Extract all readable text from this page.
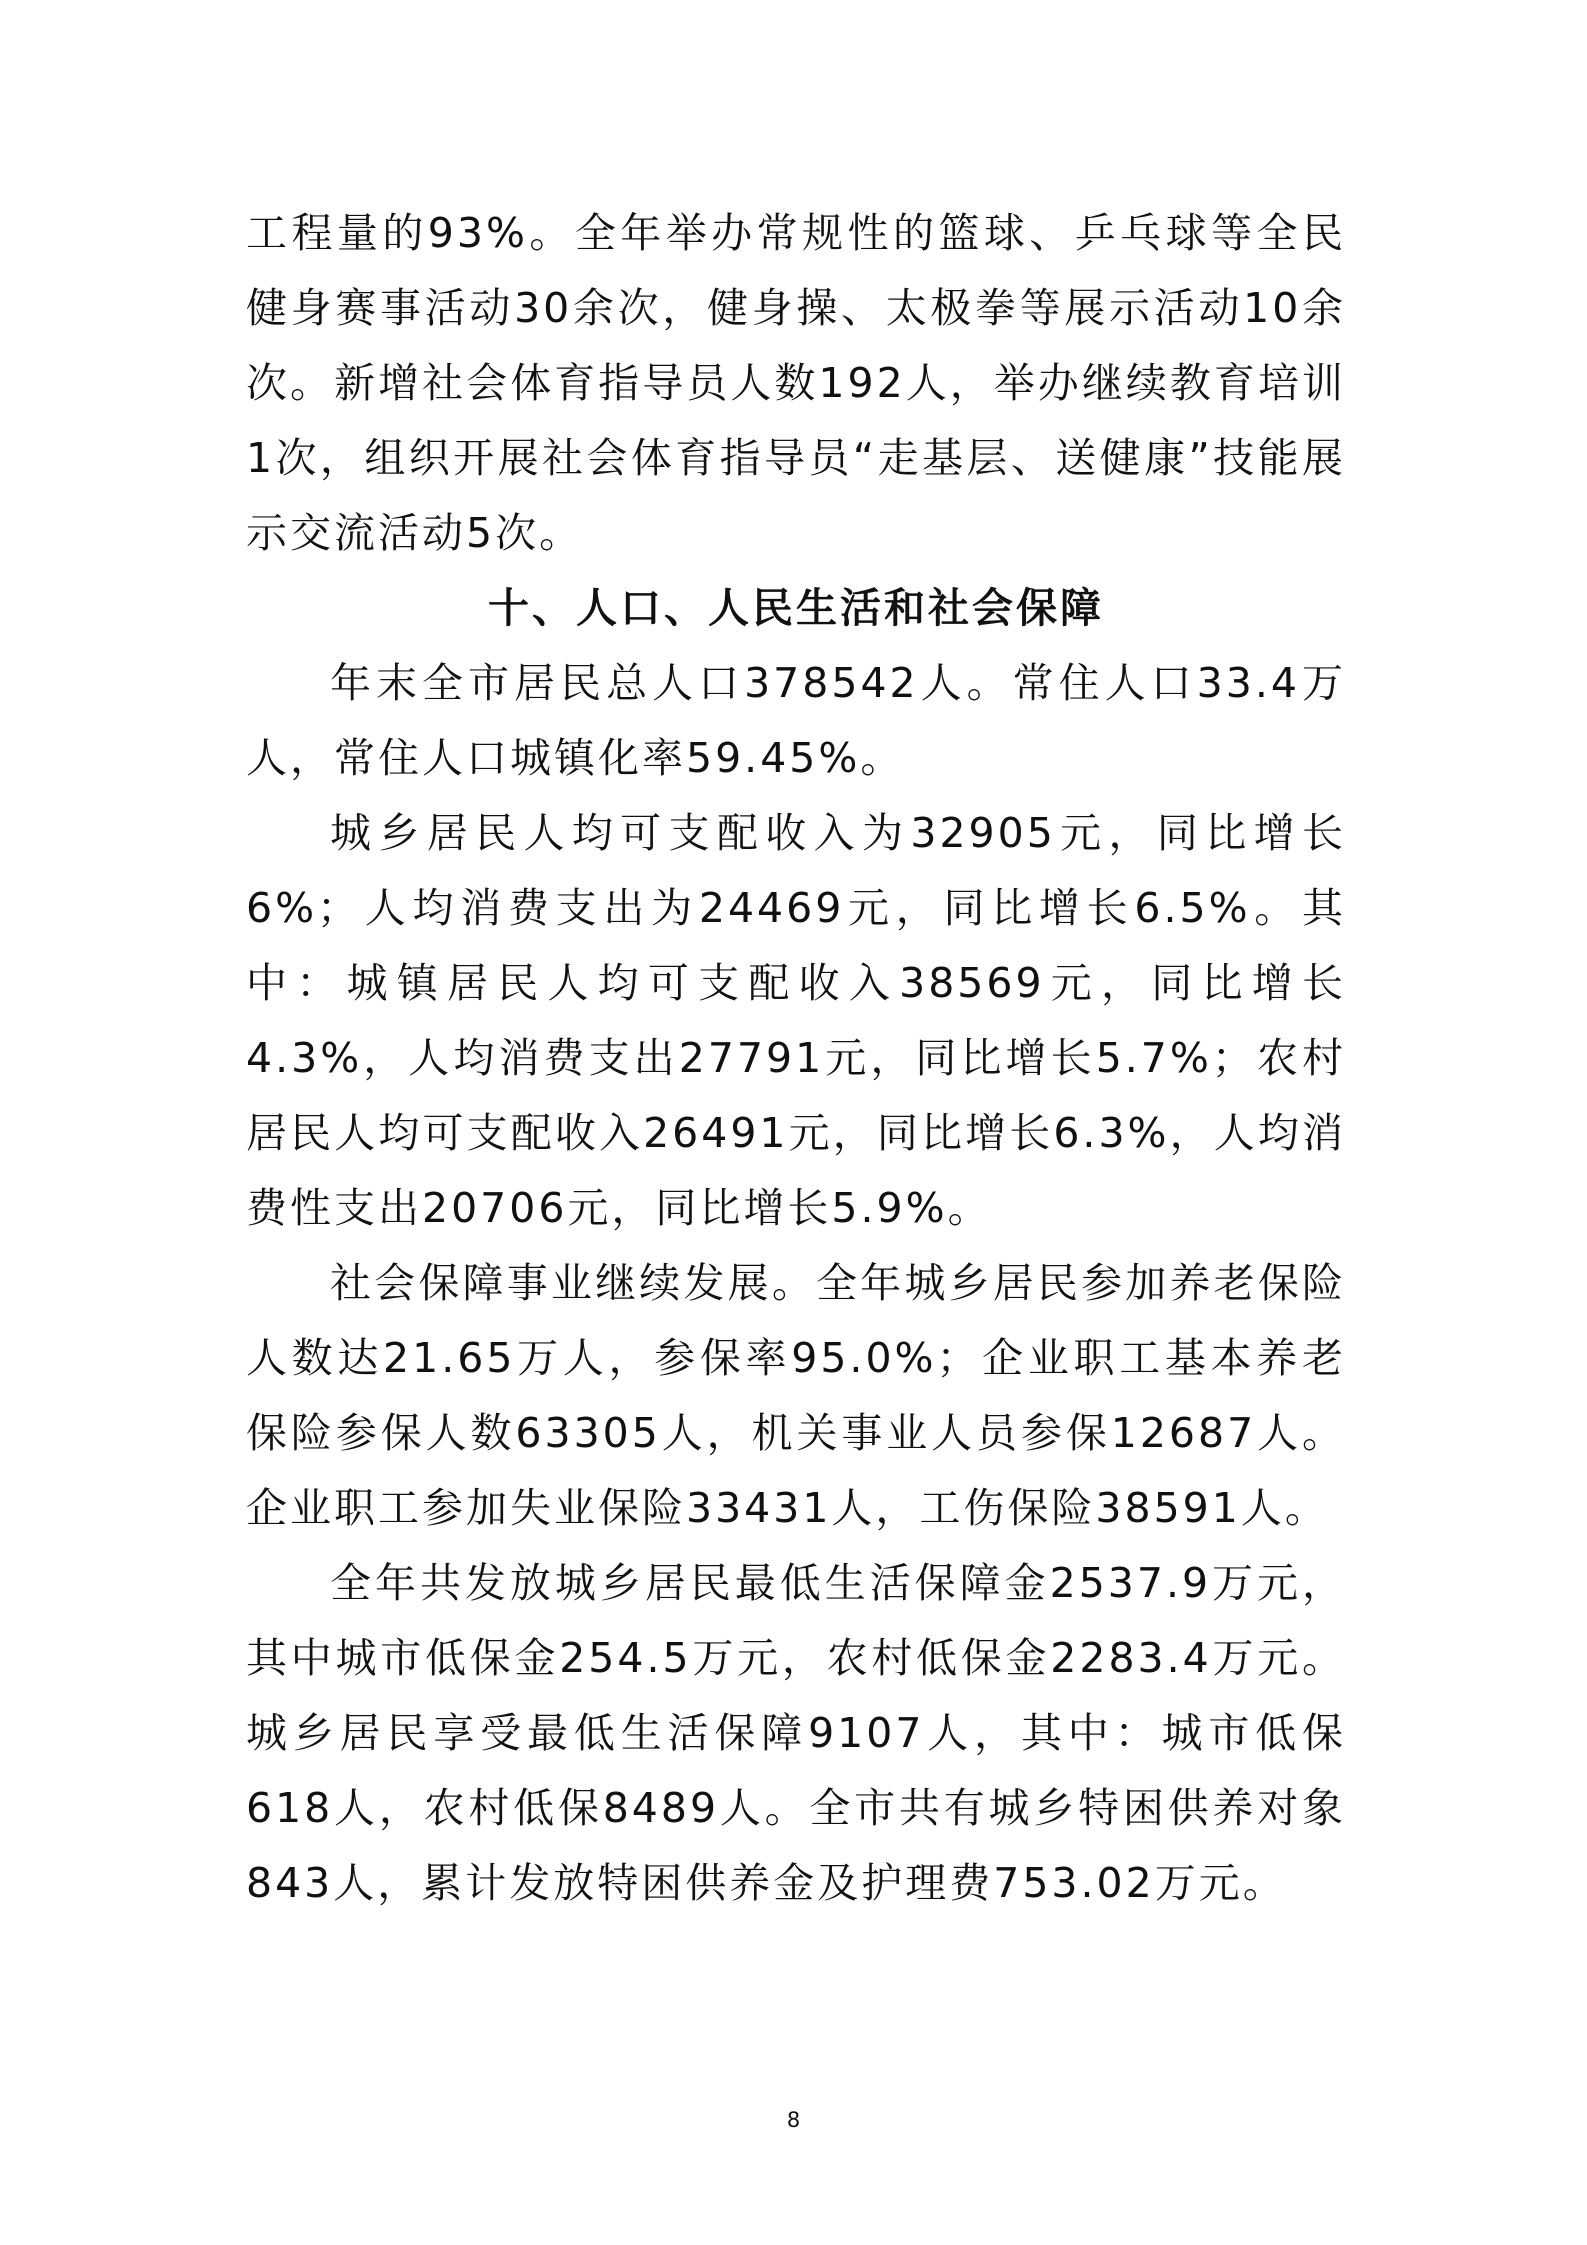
工程量的93%。全年举办常规性的篮球、乒乓球等全民健身赛事活动30余次，健身操、太极拳等展示活动10余次。新增社会体育指导员人数192人，举办继续教育培训1次，组织开展社会体育指导员“走基层、送健康”技能展示交流活动5次。

十、人口、人民生活和社会保障

年末全市居民总人口378542人。常住人口33.4万人，常住人口城镇化率59.45%。

城乡居民人均可支配收入为32905元，同比增长6%；人均消费支出为24469元，同比增长6.5%。其中：城镇居民人均可支配收入38569元，同比增长4.3%，人均消费支出27791元，同比增长5.7%；农村居民人均可支配收入26491元，同比增长6.3%，人均消费性支出20706元，同比增长5.9%。

社会保障事业继续发展。全年城乡居民参加养老保险人数达21.65万人，参保率95.0%；企业职工基本养老保险参保人数63305人，机关事业人员参保12687人。企业职工参加失业保险33431人，工伤保险38591人。

全年共发放城乡居民最低生活保障金2537.9万元，其中城市低保金254.5万元，农村低保金2283.4万元。城乡居民享受最低生活保障9107人，其中：城市低保618人，农村低保8489人。全市共有城乡特困供养对象843人，累计发放特困供养金及护理费753.02万元。

8
